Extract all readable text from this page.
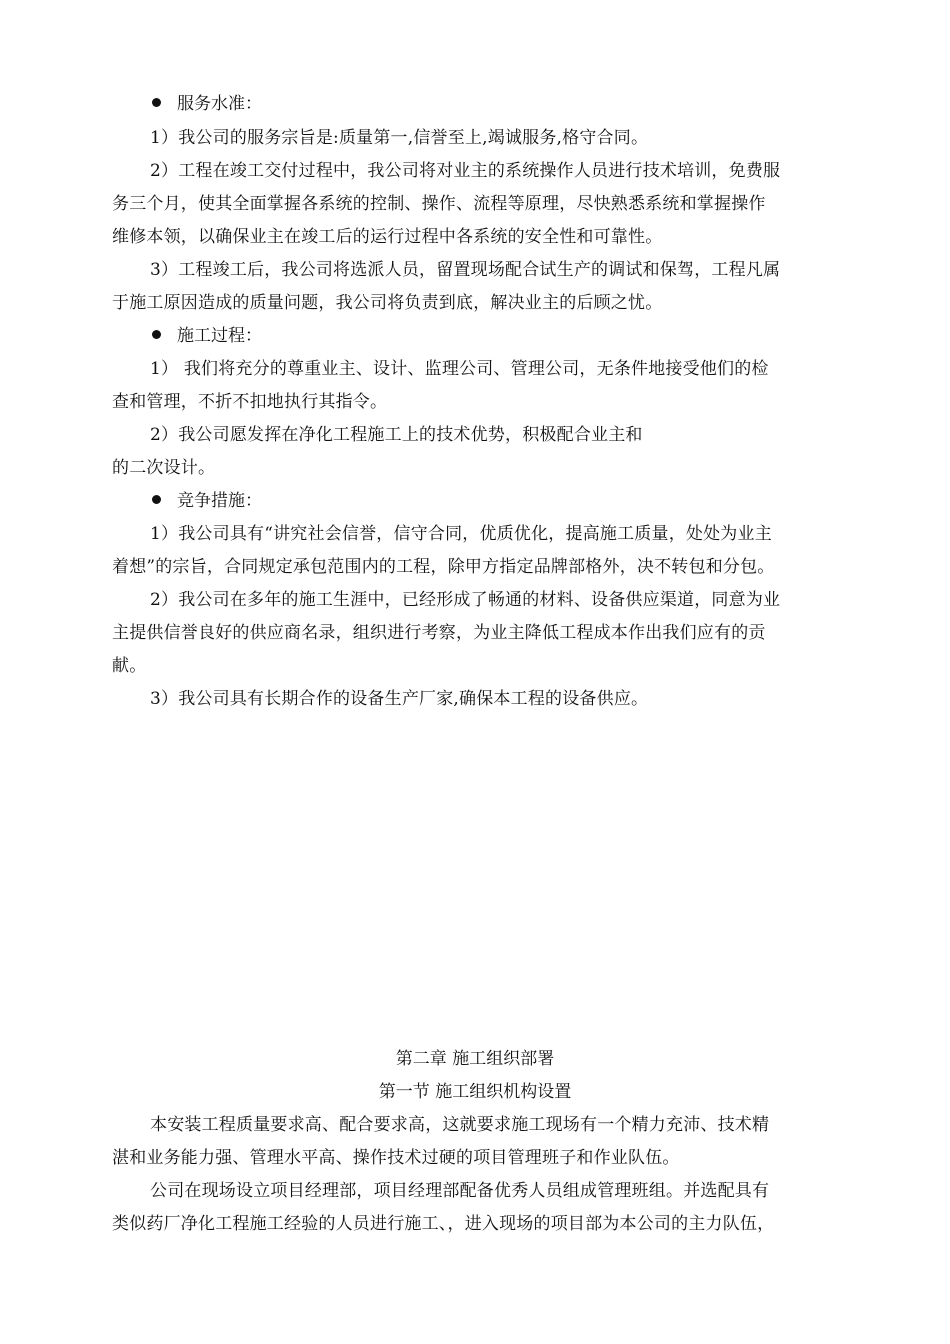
服务水准：
1）我公司的服务宗旨是:质量第一,信誉至上,竭诚服务,格守合同。
2）工程在竣工交付过程中，我公司将对业主的系统操作人员进行技术培训，免费服
务三个月，使其全面掌握各系统的控制、操作、流程等原理，尽快熟悉系统和掌握操作
维修本领，以确保业主在竣工后的运行过程中各系统的安全性和可靠性。
3）工程竣工后，我公司将选派人员，留置现场配合试生产的调试和保驾，工程凡属
于施工原因造成的质量问题，我公司将负责到底，解决业主的后顾之忧。
施工过程：
1） 我们将充分的尊重业主、设计、监理公司、管理公司，无条件地接受他们的检
查和管理，不折不扣地执行其指令。
2）我公司愿发挥在净化工程施工上的技术优势，积极配合业主和
的二次设计。
竞争措施：
1）我公司具有“讲究社会信誉，信守合同，优质优化，提高施工质量，处处为业主
着想”的宗旨，合同规定承包范围内的工程，除甲方指定品牌部格外，决不转包和分包。
2）我公司在多年的施工生涯中，已经形成了畅通的材料、设备供应渠道，同意为业
主提供信誉良好的供应商名录，组织进行考察，为业主降低工程成本作出我们应有的贡
献。
3）我公司具有长期合作的设备生产厂家,确保本工程的设备供应。
第二章 施工组织部署
第一节 施工组织机构设置
本安装工程质量要求高、配合要求高，这就要求施工现场有一个精力充沛、技术精
湛和业务能力强、管理水平高、操作技术过硬的项目管理班子和作业队伍。
公司在现场设立项目经理部，项目经理部配备优秀人员组成管理班组。并选配具有
类似药厂净化工程施工经验的人员进行施工、，进入现场的项目部为本公司的主力队伍，
